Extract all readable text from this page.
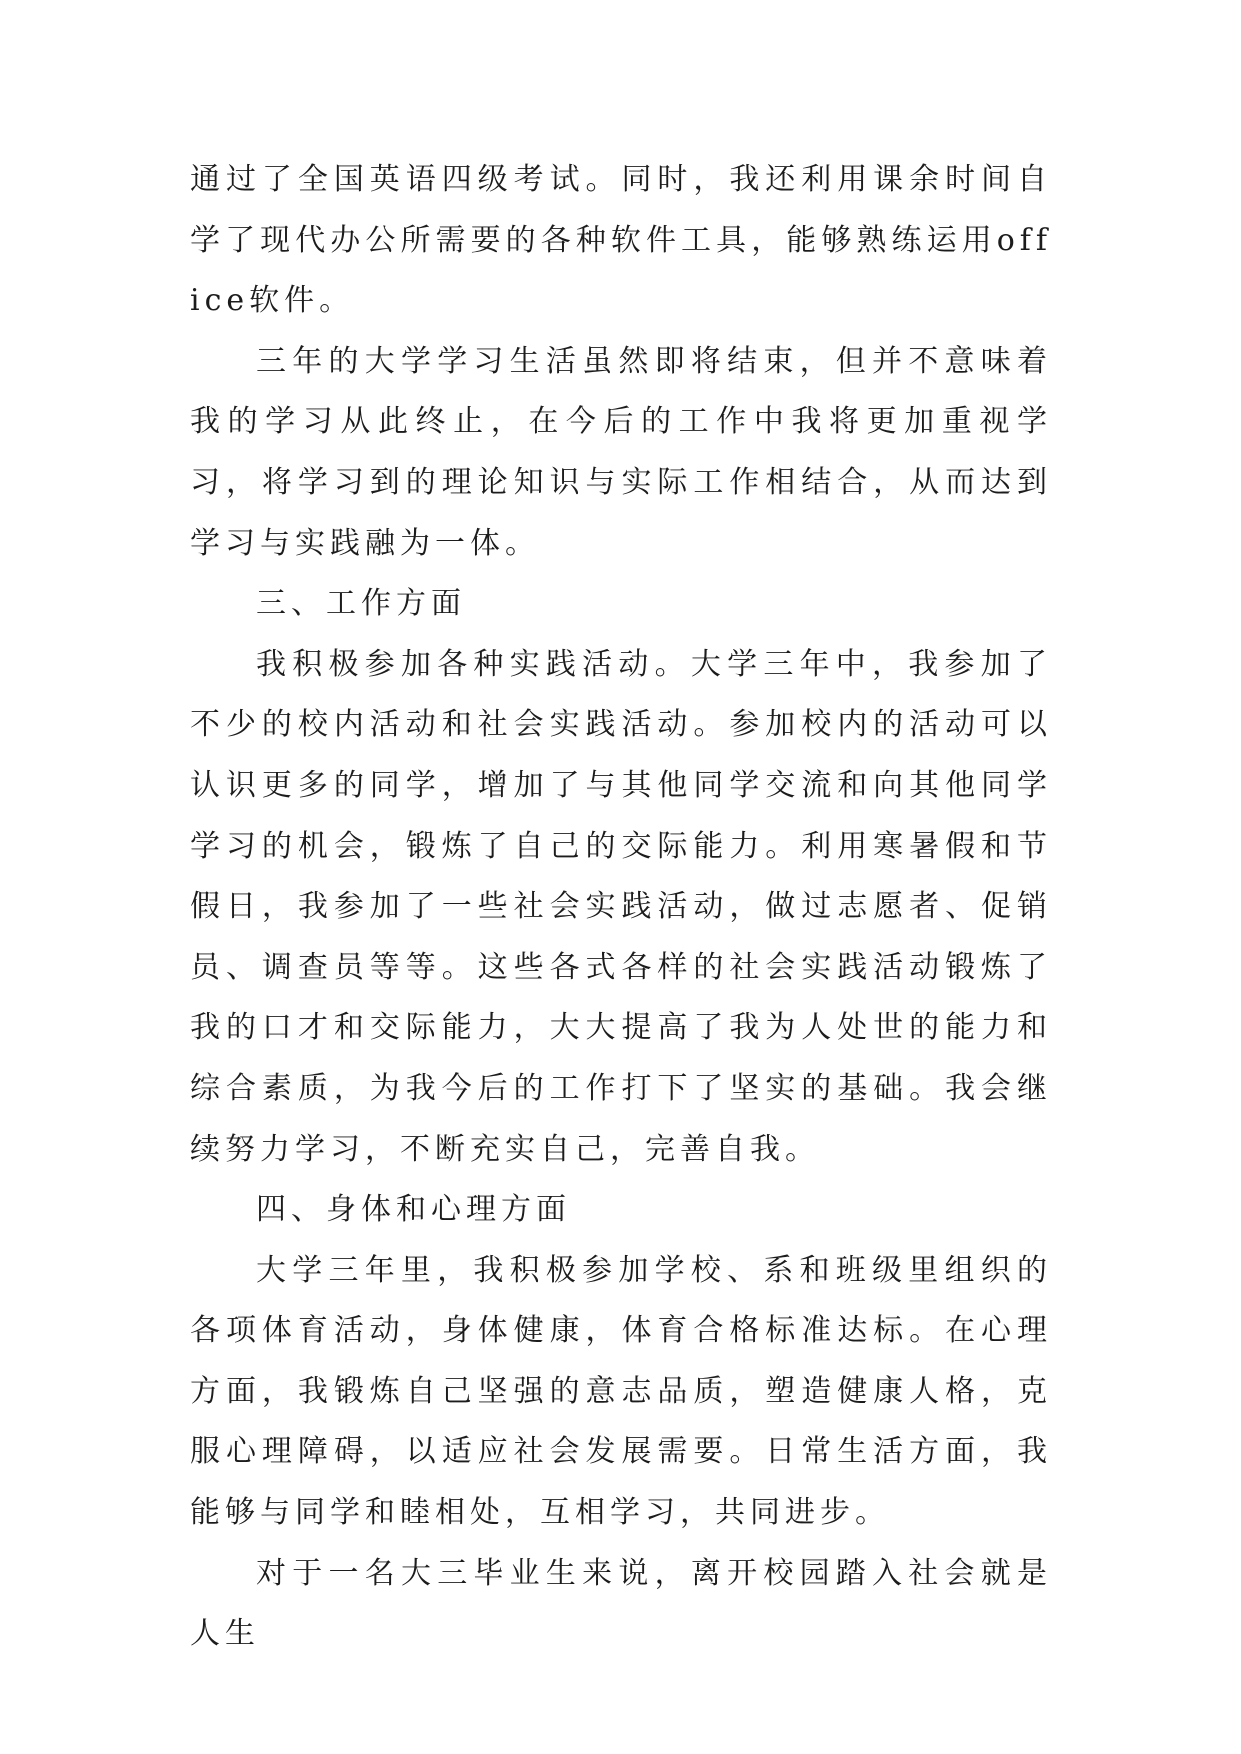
通过了全国英语四级考试。同时，我还利用课余时间自学了现代办公所需要的各种软件工具，能够熟练运用office软件。

三年的大学学习生活虽然即将结束，但并不意味着我的学习从此终止，在今后的工作中我将更加重视学习，将学习到的理论知识与实际工作相结合，从而达到学习与实践融为一体。

三、工作方面

我积极参加各种实践活动。大学三年中，我参加了不少的校内活动和社会实践活动。参加校内的活动可以认识更多的同学，增加了与其他同学交流和向其他同学学习的机会，锻炼了自己的交际能力。利用寒暑假和节假日，我参加了一些社会实践活动，做过志愿者、促销员、调查员等等。这些各式各样的社会实践活动锻炼了我的口才和交际能力，大大提高了我为人处世的能力和综合素质，为我今后的工作打下了坚实的基础。我会继续努力学习，不断充实自己，完善自我。

四、身体和心理方面

大学三年里，我积极参加学校、系和班级里组织的各项体育活动，身体健康，体育合格标准达标。在心理方面，我锻炼自己坚强的意志品质，塑造健康人格，克服心理障碍，以适应社会发展需要。日常生活方面，我能够与同学和睦相处，互相学习，共同进步。

对于一名大三毕业生来说，离开校园踏入社会就是人生
